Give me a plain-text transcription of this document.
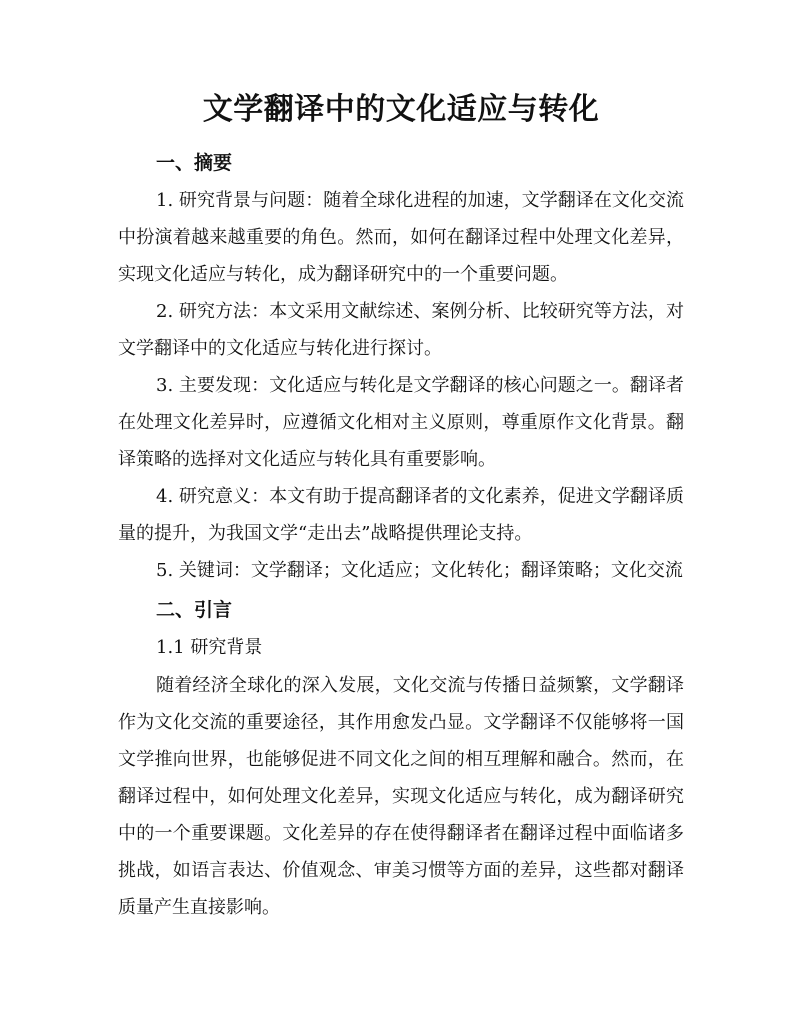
文学翻译中的文化适应与转化

一、摘要

1. 研究背景与问题：随着全球化进程的加速，文学翻译在文化交流中扮演着越来越重要的角色。然而，如何在翻译过程中处理文化差异，实现文化适应与转化，成为翻译研究中的一个重要问题。

2. 研究方法：本文采用文献综述、案例分析、比较研究等方法，对文学翻译中的文化适应与转化进行探讨。

3. 主要发现：文化适应与转化是文学翻译的核心问题之一。翻译者在处理文化差异时，应遵循文化相对主义原则，尊重原作文化背景。翻译策略的选择对文化适应与转化具有重要影响。

4. 研究意义：本文有助于提高翻译者的文化素养，促进文学翻译质量的提升，为我国文学“走出去”战略提供理论支持。

5. 关键词：文学翻译；文化适应；文化转化；翻译策略；文化交流

二、引言

1.1 研究背景

随着经济全球化的深入发展，文化交流与传播日益频繁，文学翻译作为文化交流的重要途径，其作用愈发凸显。文学翻译不仅能够将一国文学推向世界，也能够促进不同文化之间的相互理解和融合。然而，在翻译过程中，如何处理文化差异，实现文化适应与转化，成为翻译研究中的一个重要课题。文化差异的存在使得翻译者在翻译过程中面临诸多挑战，如语言表达、价值观念、审美习惯等方面的差异，这些都对翻译质量产生直接影响。
